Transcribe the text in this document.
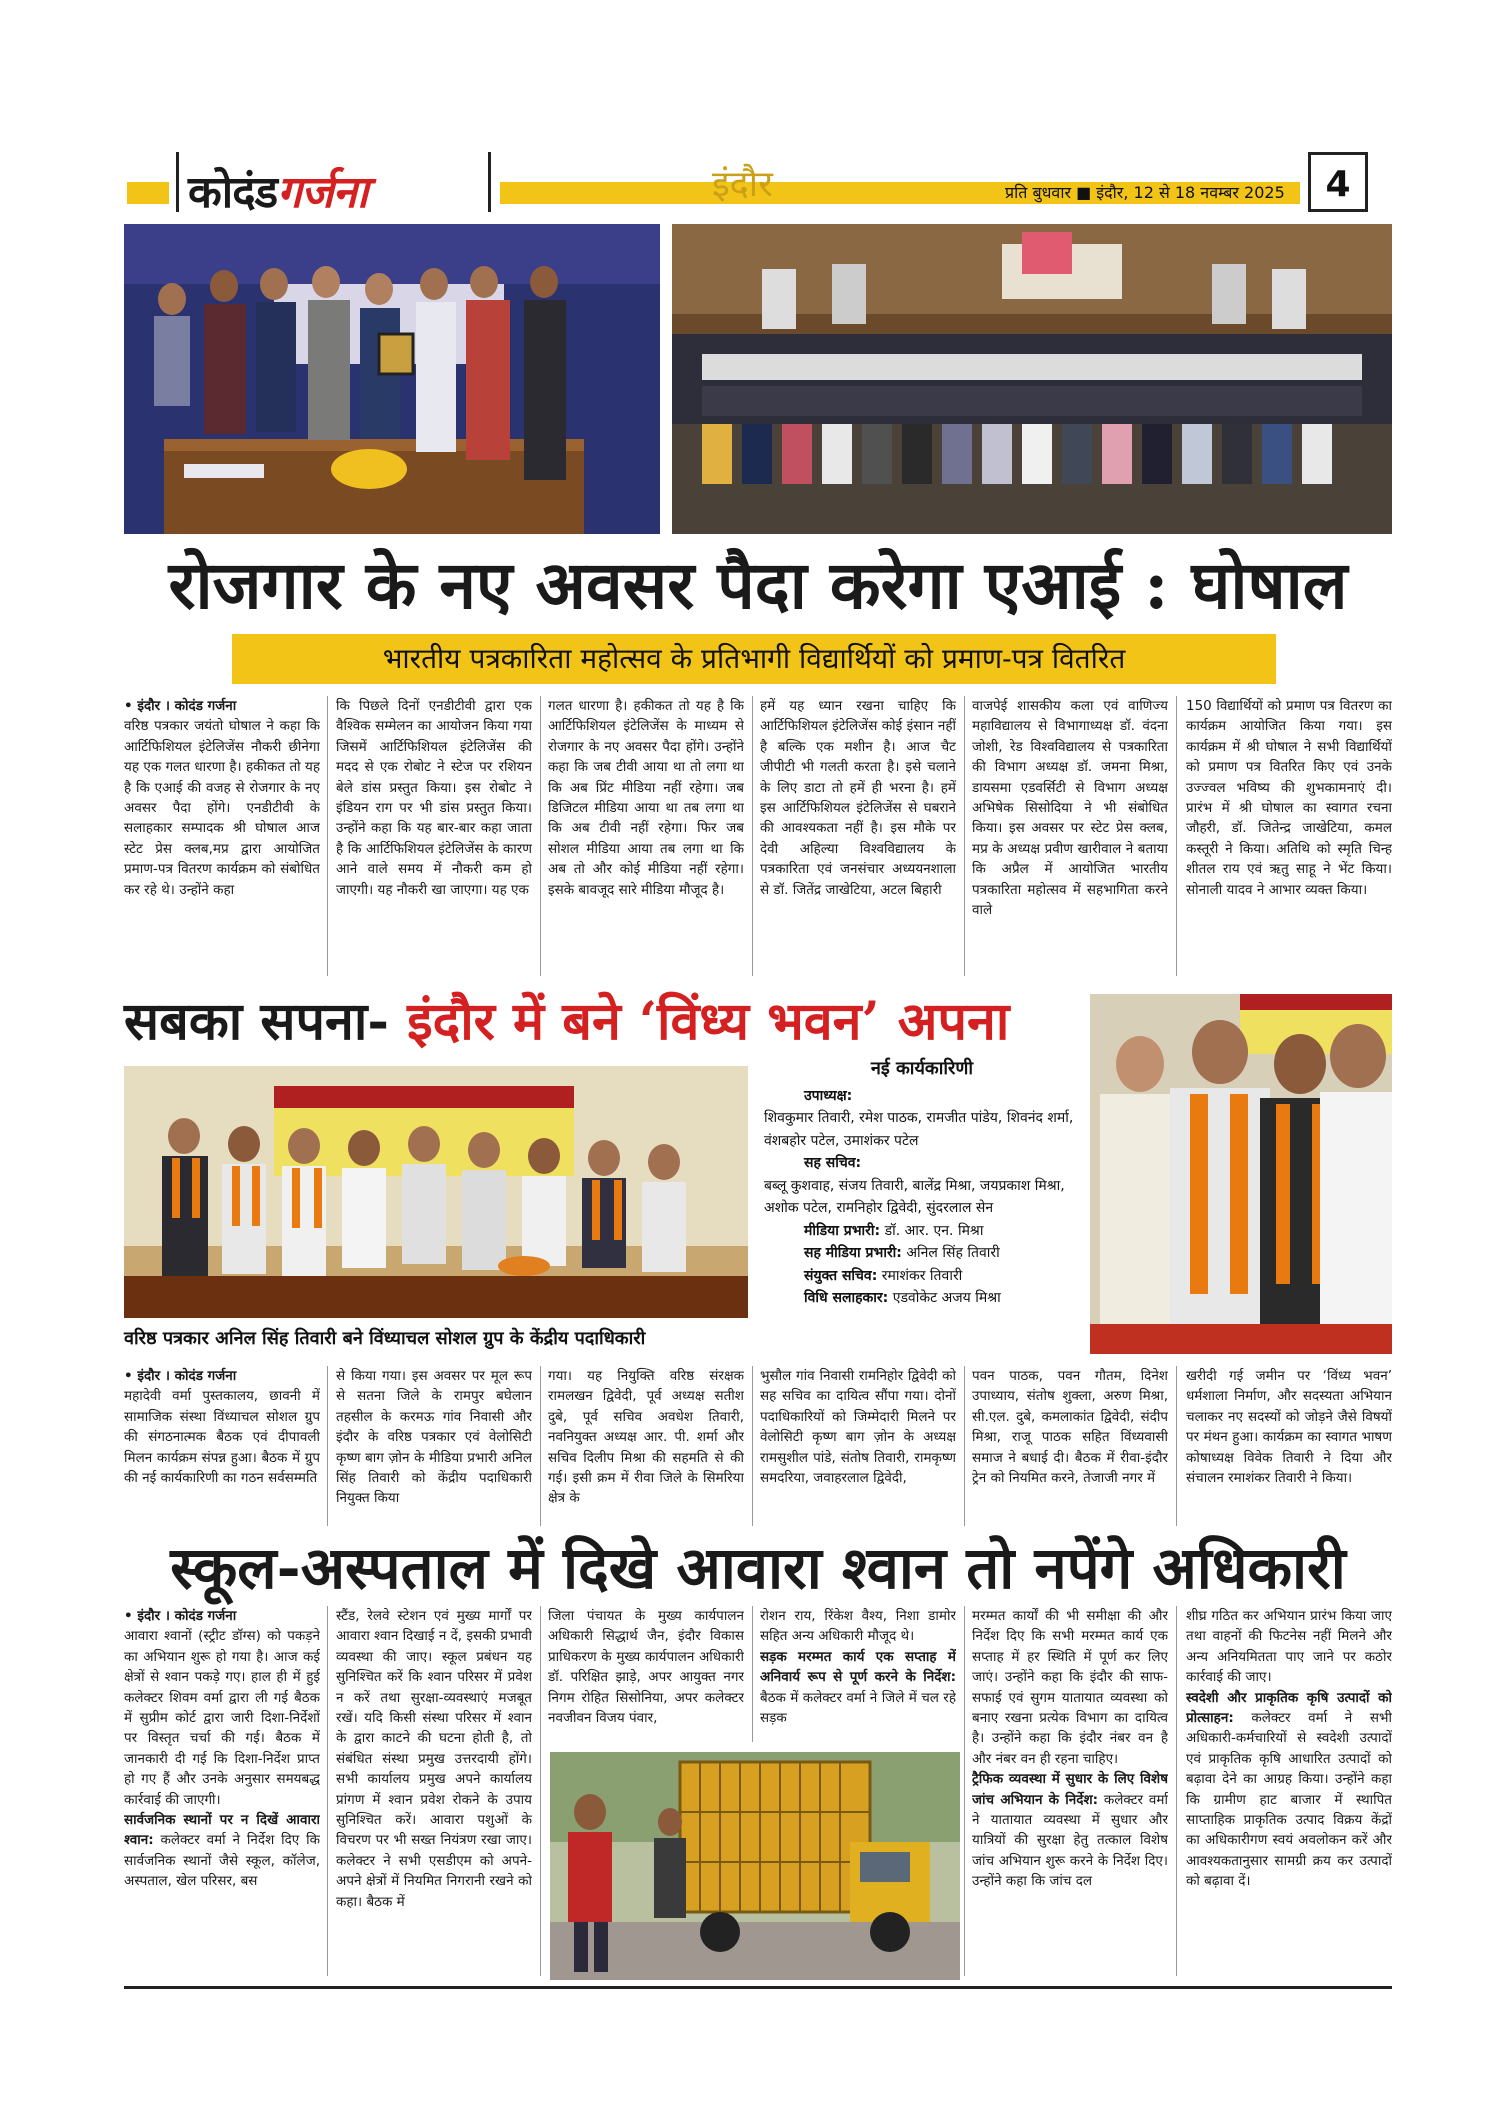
कोदंडगर्जना	इंदौर	प्रति बुधवार ■ इंदौर, 12 से 18 नवम्बर 2025	4
रोजगार के नए अवसर पैदा करेगा एआई : घोषाल
भारतीय पत्रकारिता महोत्सव के प्रतिभागी विद्यार्थियों को प्रमाण-पत्र वितरित

• इंदौर । कोदंड गर्जना

वरिष्ठ पत्रकार जयंतो घोषाल ने कहा कि आर्टिफिशियल इंटेलिजेंस नौकरी छीनेगा यह एक गलत धारणा है। हकीकत तो यह है कि एआई की वजह से रोजगार के नए अवसर पैदा होंगे। एनडीटीवी के सलाहकार सम्पादक श्री घोषाल आज स्टेट प्रेस क्लब,मप्र द्वारा आयोजित प्रमाण-पत्र वितरण कार्यक्रम को संबोधित कर रहे थे। उन्होंने कहा

कि पिछले दिनों एनडीटीवी द्वारा एक वैश्विक सम्मेलन का आयोजन किया गया जिसमें आर्टिफिशियल इंटेलिजेंस की मदद से एक रोबोट ने स्टेज पर रशियन बेले डांस प्रस्तुत किया। इस रोबोट ने इंडियन राग पर भी डांस प्रस्तुत किया। उन्होंने कहा कि यह बार-बार कहा जाता है कि आर्टिफिशियल इंटेलिजेंस के कारण आने वाले समय में नौकरी कम हो जाएगी। यह नौकरी खा जाएगा। यह एक
गलत धारणा है। हकीकत तो यह है कि आर्टिफिशियल इंटेलिजेंस के माध्यम से रोजगार के नए अवसर पैदा होंगे। उन्होंने कहा कि जब टीवी आया था तो लगा था कि अब प्रिंट मीडिया नहीं रहेगा। जब डिजिटल मीडिया आया था तब लगा था कि अब टीवी नहीं रहेगा। फिर जब सोशल मीडिया आया तब लगा था कि अब तो और कोई मीडिया नहीं रहेगा। इसके बावजूद सारे मीडिया मौजूद है।
हमें यह ध्यान रखना चाहिए कि आर्टिफिशियल इंटेलिजेंस कोई इंसान नहीं है बल्कि एक मशीन है। आज चैट जीपीटी भी गलती करता है। इसे चलाने के लिए डाटा तो हमें ही भरना है। हमें इस आर्टिफिशियल इंटेलिजेंस से घबराने की आवश्यकता नहीं है। इस मौके पर देवी अहिल्या विश्वविद्यालय के पत्रकारिता एवं जनसंचार अध्ययनशाला से डॉ. जितेंद्र जाखेटिया, अटल बिहारी
वाजपेई शासकीय कला एवं वाणिज्य महाविद्यालय से विभागाध्यक्ष डॉ. वंदना जोशी, रेड विश्वविद्यालय से पत्रकारिता की विभाग अध्यक्ष डॉ. जमना मिश्रा, डायसमा एडवर्सिटी से विभाग अध्यक्ष अभिषेक सिसोदिया ने भी संबोधित किया। इस अवसर पर स्टेट प्रेस क्लब, मप्र के अध्यक्ष प्रवीण खारीवाल ने बताया कि अप्रैल में आयोजित भारतीय पत्रकारिता महोत्सव में सहभागिता करने वाले
150 विद्यार्थियों को प्रमाण पत्र वितरण का कार्यक्रम आयोजित किया गया। इस कार्यक्रम में श्री घोषाल ने सभी विद्यार्थियों को प्रमाण पत्र वितरित किए एवं उनके उज्ज्वल भविष्य की शुभकामनाएं दी। प्रारंभ में श्री घोषाल का स्वागत रचना जौहरी, डॉ. जितेन्द्र जाखेटिया, कमल कस्तूरी ने किया। अतिथि को स्मृति चिन्ह शीतल राय एवं ऋतु साहू ने भेंट किया। सोनाली यादव ने आभार व्यक्त किया।
सबका सपना- इंदौर में बने ‘विंध्य भवन’ अपना
नई कार्यकारिणी
उपाध्यक्ष:
शिवकुमार तिवारी, रमेश पाठक, रामजीत पांडेय, शिवनंद शर्मा, वंशबहोर पटेल, उमाशंकर पटेल
सह सचिव:
बब्लू कुशवाह, संजय तिवारी, बालेंद्र मिश्रा, जयप्रकाश मिश्रा, अशोक पटेल, रामनिहोर द्विवेदी, सुंदरलाल सेन
मीडिया प्रभारी: डॉ. आर. एन. मिश्रा
सह मीडिया प्रभारी: अनिल सिंह तिवारी
संयुक्त सचिव: रमाशंकर तिवारी
विधि सलाहकार: एडवोकेट अजय मिश्रा
वरिष्ठ पत्रकार अनिल सिंह तिवारी बने विंध्याचल सोशल ग्रुप के केंद्रीय पदाधिकारी

• इंदौर । कोदंड गर्जना

महादेवी वर्मा पुस्तकालय, छावनी में सामाजिक संस्था विंध्याचल सोशल ग्रुप की संगठनात्मक बैठक एवं दीपावली मिलन कार्यक्रम संपन्न हुआ। बैठक में ग्रुप की नई कार्यकारिणी का गठन सर्वसम्मति

से किया गया। इस अवसर पर मूल रूप से सतना जिले के रामपुर बघेलान तहसील के करमऊ गांव निवासी और इंदौर के वरिष्ठ पत्रकार एवं वेलोसिटी कृष्ण बाग ज़ोन के मीडिया प्रभारी अनिल सिंह तिवारी को केंद्रीय पदाधिकारी नियुक्त किया
गया। यह नियुक्ति वरिष्ठ संरक्षक रामलखन द्विवेदी, पूर्व अध्यक्ष सतीश दुबे, पूर्व सचिव अवधेश तिवारी, नवनियुक्त अध्यक्ष आर. पी. शर्मा और सचिव दिलीप मिश्रा की सहमति से की गई। इसी क्रम में रीवा जिले के सिमरिया क्षेत्र के
भुसौल गांव निवासी रामनिहोर द्विवेदी को सह सचिव का दायित्व सौंपा गया। दोनों पदाधिकारियों को जिम्मेदारी मिलने पर वेलोसिटी कृष्ण बाग ज़ोन के अध्यक्ष रामसुशील पांडे, संतोष तिवारी, रामकृष्ण समदरिया, जवाहरलाल द्विवेदी,
पवन पाठक, पवन गौतम, दिनेश उपाध्याय, संतोष शुक्ला, अरुण मिश्रा, सी.एल. दुबे, कमलाकांत द्विवेदी, संदीप मिश्रा, राजू पाठक सहित विंध्यवासी समाज ने बधाई दी। बैठक में रीवा-इंदौर ट्रेन को नियमित करने, तेजाजी नगर में
खरीदी गई जमीन पर ‘विंध्य भवन’ धर्मशाला निर्माण, और सदस्यता अभियान चलाकर नए सदस्यों को जोड़ने जैसे विषयों पर मंथन हुआ। कार्यक्रम का स्वागत भाषण कोषाध्यक्ष विवेक तिवारी ने दिया और संचालन रमाशंकर तिवारी ने किया।
स्कूल-अस्पताल में दिखे आवारा श्वान तो नपेंगे अधिकारी

• इंदौर । कोदंड गर्जना

आवारा श्वानों (स्ट्रीट डॉग्स) को पकड़ने का अभियान शुरू हो गया है। आज कई क्षेत्रों से श्वान पकड़े गए। हाल ही में हुई कलेक्टर शिवम वर्मा द्वारा ली गई बैठक में सुप्रीम कोर्ट द्वारा जारी दिशा-निर्देशों पर विस्तृत चर्चा की गई। बैठक में जानकारी दी गई कि दिशा-निर्देश प्राप्त हो गए हैं और उनके अनुसार समयबद्ध कार्रवाई की जाएगी।

सार्वजनिक स्थानों पर न दिखें आवारा श्वान: कलेक्टर वर्मा ने निर्देश दिए कि सार्वजनिक स्थानों जैसे स्कूल, कॉलेज, अस्पताल, खेल परिसर, बस

स्टैंड, रेलवे स्टेशन एवं मुख्य मार्गों पर आवारा श्वान दिखाई न दें, इसकी प्रभावी व्यवस्था की जाए। स्कूल प्रबंधन यह सुनिश्चित करें कि श्वान परिसर में प्रवेश न करें तथा सुरक्षा-व्यवस्थाएं मजबूत रखें। यदि किसी संस्था परिसर में श्वान के द्वारा काटने की घटना होती है, तो संबंधित संस्था प्रमुख उत्तरदायी होंगे। सभी कार्यालय प्रमुख अपने कार्यालय प्रांगण में श्वान प्रवेश रोकने के उपाय सुनिश्चित करें। आवारा पशुओं के विचरण पर भी सख्त नियंत्रण रखा जाए। कलेक्टर ने सभी एसडीएम को अपने-अपने क्षेत्रों में नियमित निगरानी रखने को कहा। बैठक में
जिला पंचायत के मुख्य कार्यपालन अधिकारी सिद्धार्थ जैन, इंदौर विकास प्राधिकरण के मुख्य कार्यपालन अधिकारी डॉ. परिक्षित झाड़े, अपर आयुक्त नगर निगम रोहित सिसोनिया, अपर कलेक्टर नवजीवन विजय पंवार,

रोशन राय, रिंकेश वैश्य, निशा डामोर सहित अन्य अधिकारी मौजूद थे।

सड़क मरम्मत कार्य एक सप्ताह में अनिवार्य रूप से पूर्ण करने के निर्देश: बैठक में कलेक्टर वर्मा ने जिले में चल रहे सड़क

मरम्मत कार्यों की भी समीक्षा की और निर्देश दिए कि सभी मरम्मत कार्य एक सप्ताह में हर स्थिति में पूर्ण कर लिए जाएं। उन्होंने कहा कि इंदौर की साफ-सफाई एवं सुगम यातायात व्यवस्था को बनाए रखना प्रत्येक विभाग का दायित्व है। उन्होंने कहा कि इंदौर नंबर वन है और नंबर वन ही रहना चाहिए।

ट्रैफिक व्यवस्था में सुधार के लिए विशेष जांच अभियान के निर्देश: कलेक्टर वर्मा ने यातायात व्यवस्था में सुधार और यात्रियों की सुरक्षा हेतु तत्काल विशेष जांच अभियान शुरू करने के निर्देश दिए। उन्होंने कहा कि जांच दल

शीघ्र गठित कर अभियान प्रारंभ किया जाए तथा वाहनों की फिटनेस नहीं मिलने और अन्य अनियमितता पाए जाने पर कठोर कार्रवाई की जाए।

स्वदेशी और प्राकृतिक कृषि उत्पादों को प्रोत्साहन: कलेक्टर वर्मा ने सभी अधिकारी-कर्मचारियों से स्वदेशी उत्पादों एवं प्राकृतिक कृषि आधारित उत्पादों को बढ़ावा देने का आग्रह किया। उन्होंने कहा कि ग्रामीण हाट बाजार में स्थापित साप्ताहिक प्राकृतिक उत्पाद विक्रय केंद्रों का अधिकारीगण स्वयं अवलोकन करें और आवश्यकतानुसार सामग्री क्रय कर उत्पादों को बढ़ावा दें।
